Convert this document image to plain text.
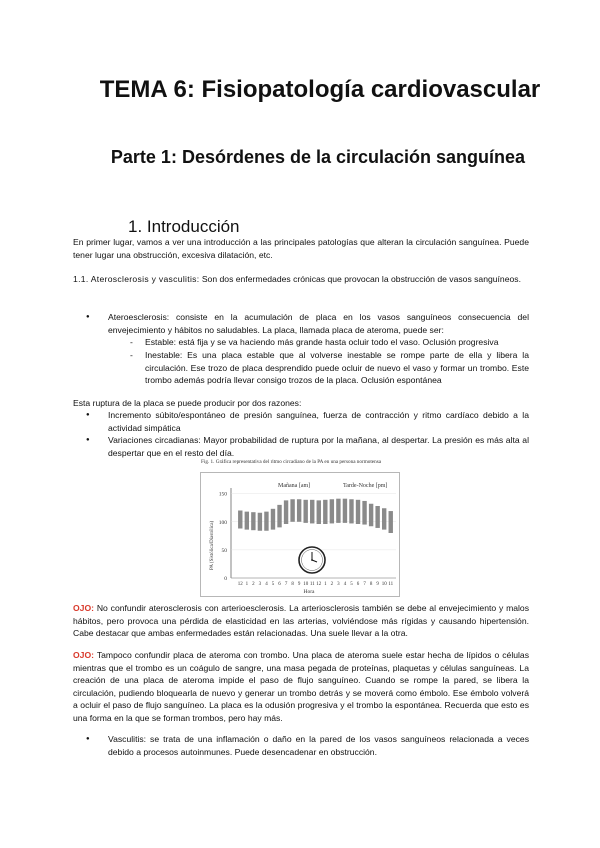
TEMA 6: Fisiopatología cardiovascular
Parte 1: Desórdenes de la circulación sanguínea
1. Introducción

En primer lugar, vamos a ver una introducción a las principales patologías que alteran la circulación sanguínea. Puede tener lugar una obstrucción, excesiva dilatación, etc.

1.1. Aterosclerosis y vasculitis: Son dos enfermedades crónicas que provocan la obstrucción de vasos sanguíneos.

● Ateroesclerosis: consiste en la acumulación de placa en los vasos sanguíneos consecuencia del envejecimiento y hábitos no saludables. La placa, llamada placa de ateroma, puede ser:
- Estable: está fija y se va haciendo más grande hasta ocluir todo el vaso. Oclusión progresiva
- Inestable: Es una placa estable que al volverse inestable se rompe parte de ella y libera la circulación. Ese trozo de placa desprendido puede ocluir de nuevo el vaso y formar un trombo. Este trombo además podría llevar consigo trozos de la placa. Oclusión espontánea

Esta ruptura de la placa se puede producir por dos razones:

● Incremento súbito/espontáneo de presión sanguínea, fuerza de contracción y ritmo cardíaco debido a la actividad simpática
● Variaciones circadianas: Mayor probabilidad de ruptura por la mañana, al despertar. La presión es más alta al despertar que en el resto del día.
Fig. 1. Gráfica representativa del ritmo circadiano de la PA en una persona normotensa
Mañana [am]	Tarde-Noche [pm]
PA (Sistólica/Diastólica)
Hora
150
100
50
0
12 1 2 3 4 5 6 7 8 9 10 11 12 1 2 3 4 5 6 7 8 9 10 11

OJO: No confundir aterosclerosis con arterioesclerosis. La arteriosclerosis también se debe al envejecimiento y malos hábitos, pero provoca una pérdida de elasticidad en las arterias, volviéndose más rígidas y causando hipertensión. Cabe destacar que ambas enfermedades están relacionadas. Una suele llevar a la otra.

OJO: Tampoco confundir placa de ateroma con trombo. Una placa de ateroma suele estar hecha de lípidos o células mientras que el trombo es un coágulo de sangre, una masa pegada de proteínas, plaquetas y células sanguíneas. La creación de una placa de ateroma impide el paso de flujo sanguíneo. Cuando se rompe la pared, se libera la circulación, pudiendo bloquearla de nuevo y generar un trombo detrás y se moverá como émbolo. Ese émbolo volverá a ocluir el paso de flujo sanguíneo. La placa es la odusión progresiva y el trombo la espontánea. Recuerda que esto es una forma en la que se forman trombos, pero hay más.

● Vasculitis: se trata de una inflamación o daño en la pared de los vasos sanguíneos relacionada a veces debido a procesos autoinmunes. Puede desencadenar en obstrucción.
